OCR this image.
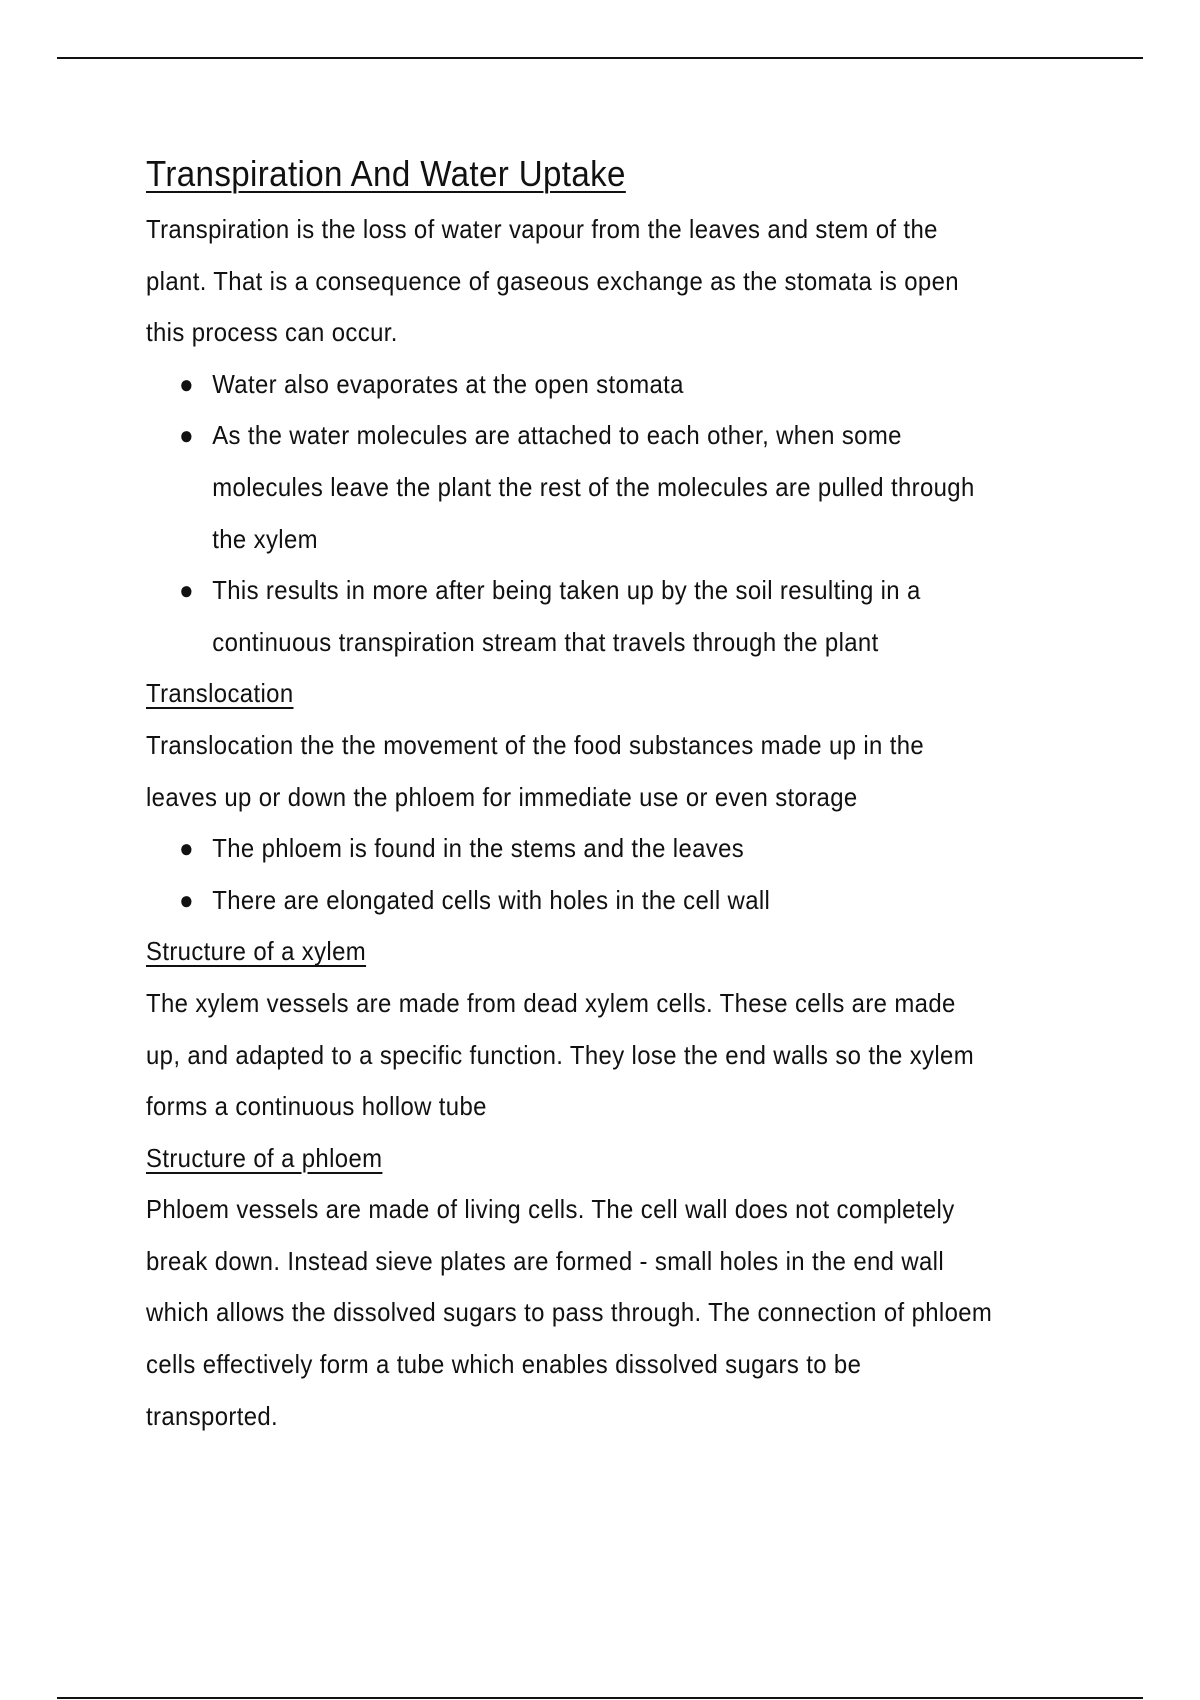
Transpiration And Water Uptake

Transpiration is the loss of water vapour from the leaves and stem of the plant. That is a consequence of gaseous exchange as the stomata is open this process can occur.

● Water also evaporates at the open stomata
● As the water molecules are attached to each other, when some molecules leave the plant the rest of the molecules are pulled through the xylem
● This results in more after being taken up by the soil resulting in a continuous transpiration stream that travels through the plant
Translocation

Translocation the the movement of the food substances made up in the leaves up or down the phloem for immediate use or even storage

● The phloem is found in the stems and the leaves
● There are elongated cells with holes in the cell wall
Structure of a xylem

The xylem vessels are made from dead xylem cells. These cells are made up, and adapted to a specific function. They lose the end walls so the xylem forms a continuous hollow tube

Structure of a phloem

Phloem vessels are made of living cells. The cell wall does not completely break down. Instead sieve plates are formed - small holes in the end wall which allows the dissolved sugars to pass through. The connection of phloem cells effectively form a tube which enables dissolved sugars to be transported.
